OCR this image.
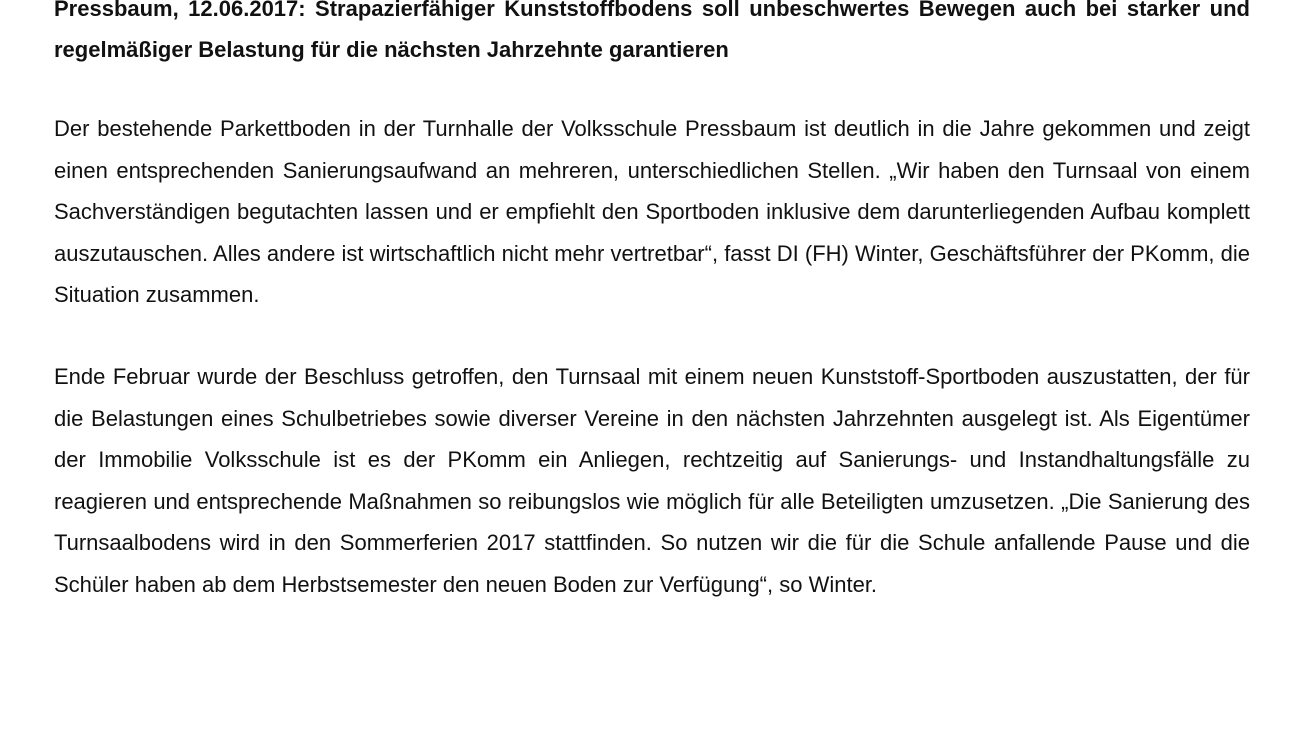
Pressbaum, 12.06.2017: Strapazierfähiger Kunststoffbodens soll unbeschwertes Bewegen auch bei starker und regelmäßiger Belastung für die nächsten Jahrzehnte garantieren

Der bestehende Parkettboden in der Turnhalle der Volksschule Pressbaum ist deutlich in die Jahre gekommen und zeigt einen entsprechenden Sanierungsaufwand an mehreren, unterschiedlichen Stellen. „Wir haben den Turnsaal von einem Sachverständigen begutachten lassen und er empfiehlt den Sportboden inklusive dem darunterliegenden Aufbau komplett auszutauschen. Alles andere ist wirtschaftlich nicht mehr vertretbar“, fasst DI (FH) Winter, Geschäftsführer der PKomm, die Situation zusammen.

Ende Februar wurde der Beschluss getroffen, den Turnsaal mit einem neuen Kunststoff-Sportboden auszustatten, der für die Belastungen eines Schulbetriebes sowie diverser Vereine in den nächsten Jahrzehnten ausgelegt ist. Als Eigentümer der Immobilie Volksschule ist es der PKomm ein Anliegen, rechtzeitig auf Sanierungs- und Instandhaltungsfälle zu reagieren und entsprechende Maßnahmen so reibungslos wie möglich für alle Beteiligten umzusetzen. „Die Sanierung des Turnsaalbodens wird in den Sommerferien 2017 stattfinden. So nutzen wir die für die Schule anfallende Pause und die Schüler haben ab dem Herbstsemester den neuen Boden zur Verfügung“, so Winter.
